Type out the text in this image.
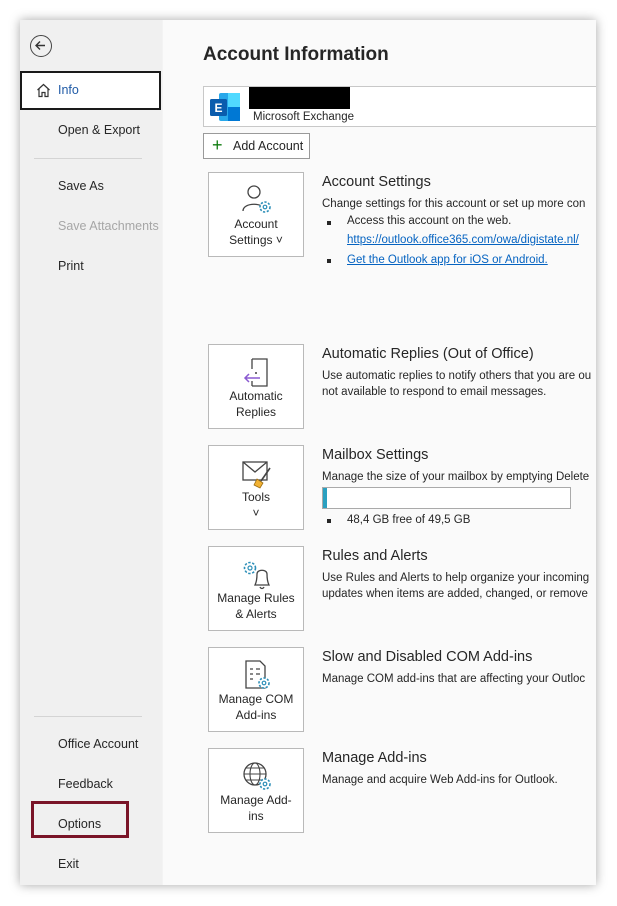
Info
Open & Export
Save As
Save Attachments
Print
Office Account
Feedback
Options
Exit
Account Information
E
Microsoft Exchange
+ Add Account
Account
Settings ˅
Account Settings
Change settings for this account or set up more con
Access this account on the web.
https://outlook.office365.com/owa/digistate.nl/
Get the Outlook app for iOS or Android.
Automatic
Replies
Automatic Replies (Out of Office)
Use automatic replies to notify others that you are ou
not available to respond to email messages.
Tools
˅
Mailbox Settings
Manage the size of your mailbox by emptying Delete
48,4 GB free of 49,5 GB
Manage Rules
& Alerts
Rules and Alerts
Use Rules and Alerts to help organize your incoming
updates when items are added, changed, or remove
Manage COM
Add-ins
Slow and Disabled COM Add-ins
Manage COM add-ins that are affecting your Outloc
Manage Add-
ins
Manage Add-ins
Manage and acquire Web Add-ins for Outlook.
